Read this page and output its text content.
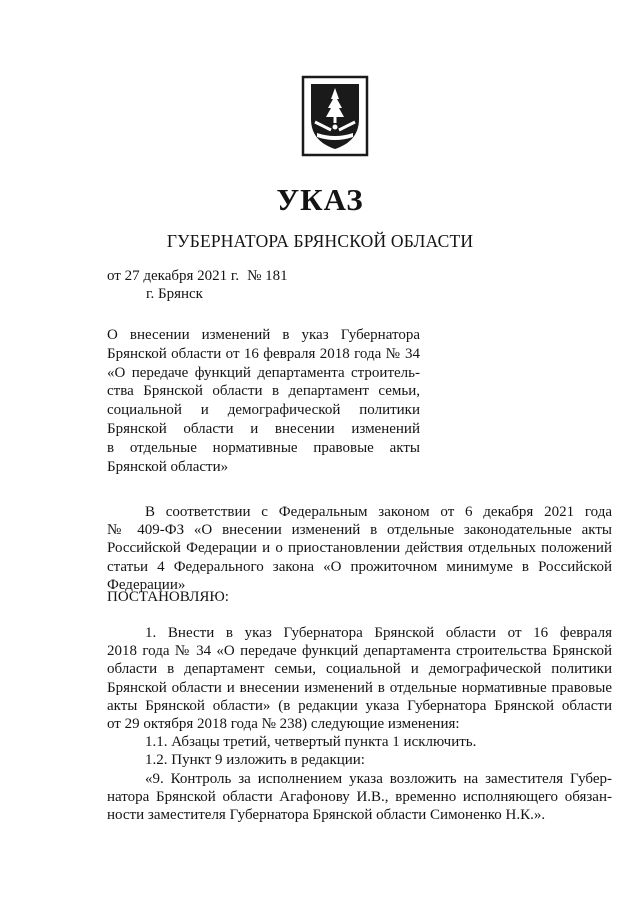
УКАЗ
ГУБЕРНАТОРА БРЯНСКОЙ ОБЛАСТИ
от 27 декабря 2021 г. № 181
г. Брянск
О внесении изменений в указ Губернатора
Брянской области от 16 февраля 2018 года № 34
«О передаче функций департамента строитель-
ства Брянской области в департамент семьи,
социальной и демографической политики
Брянской области и внесении изменений
в отдельные нормативные правовые акты
Брянской области»
В соответствии с Федеральным законом от 6 декабря 2021 года
№ 409-ФЗ «О внесении изменений в отдельные законодательные акты
Российской Федерации и о приостановлении действия отдельных положений
статьи 4 Федерального закона «О прожиточном минимуме в Российской
Федерации»
ПОСТАНОВЛЯЮ:
1. Внести в указ Губернатора Брянской области от 16 февраля
2018 года № 34 «О передаче функций департамента строительства Брянской
области в департамент семьи, социальной и демографической политики
Брянской области и внесении изменений в отдельные нормативные правовые
акты Брянской области» (в редакции указа Губернатора Брянской области
от 29 октября 2018 года № 238) следующие изменения:
1.1. Абзацы третий, четвертый пункта 1 исключить.
1.2. Пункт 9 изложить в редакции:
«9. Контроль за исполнением указа возложить на заместителя Губер-
натора Брянской области Агафонову И.В., временно исполняющего обязан-
ности заместителя Губернатора Брянской области Симоненко Н.К.».
